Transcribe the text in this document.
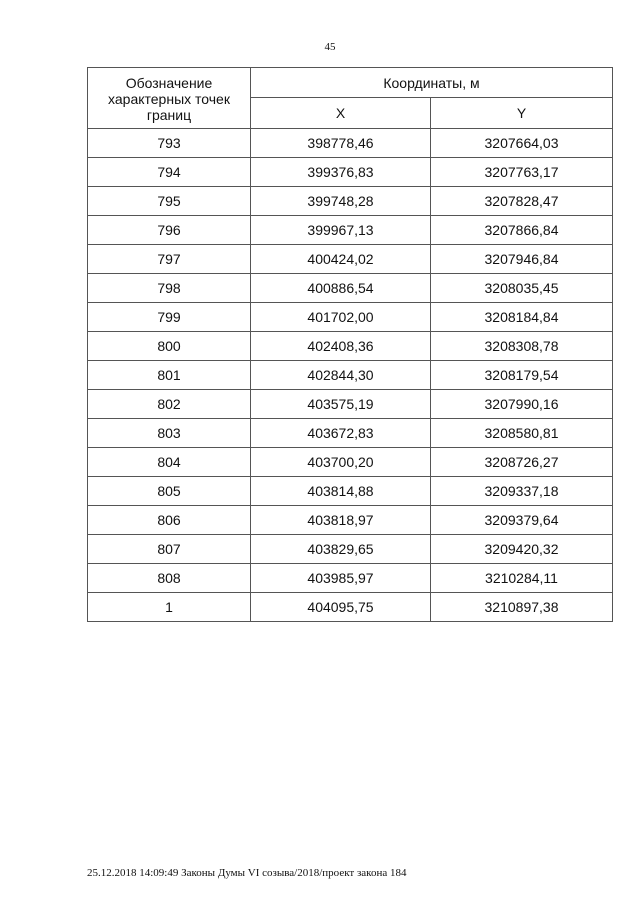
45
Обозначение характерных точек границ	Координаты, м	
	X	Y
793	398778,46	3207664,03
794	399376,83	3207763,17
795	399748,28	3207828,47
796	399967,13	3207866,84
797	400424,02	3207946,84
798	400886,54	3208035,45
799	401702,00	3208184,84
800	402408,36	3208308,78
801	402844,30	3208179,54
802	403575,19	3207990,16
803	403672,83	3208580,81
804	403700,20	3208726,27
805	403814,88	3209337,18
806	403818,97	3209379,64
807	403829,65	3209420,32
808	403985,97	3210284,11
1	404095,75	3210897,38
25.12.2018 14:09:49 Законы Думы VI созыва/2018/проект закона 184
